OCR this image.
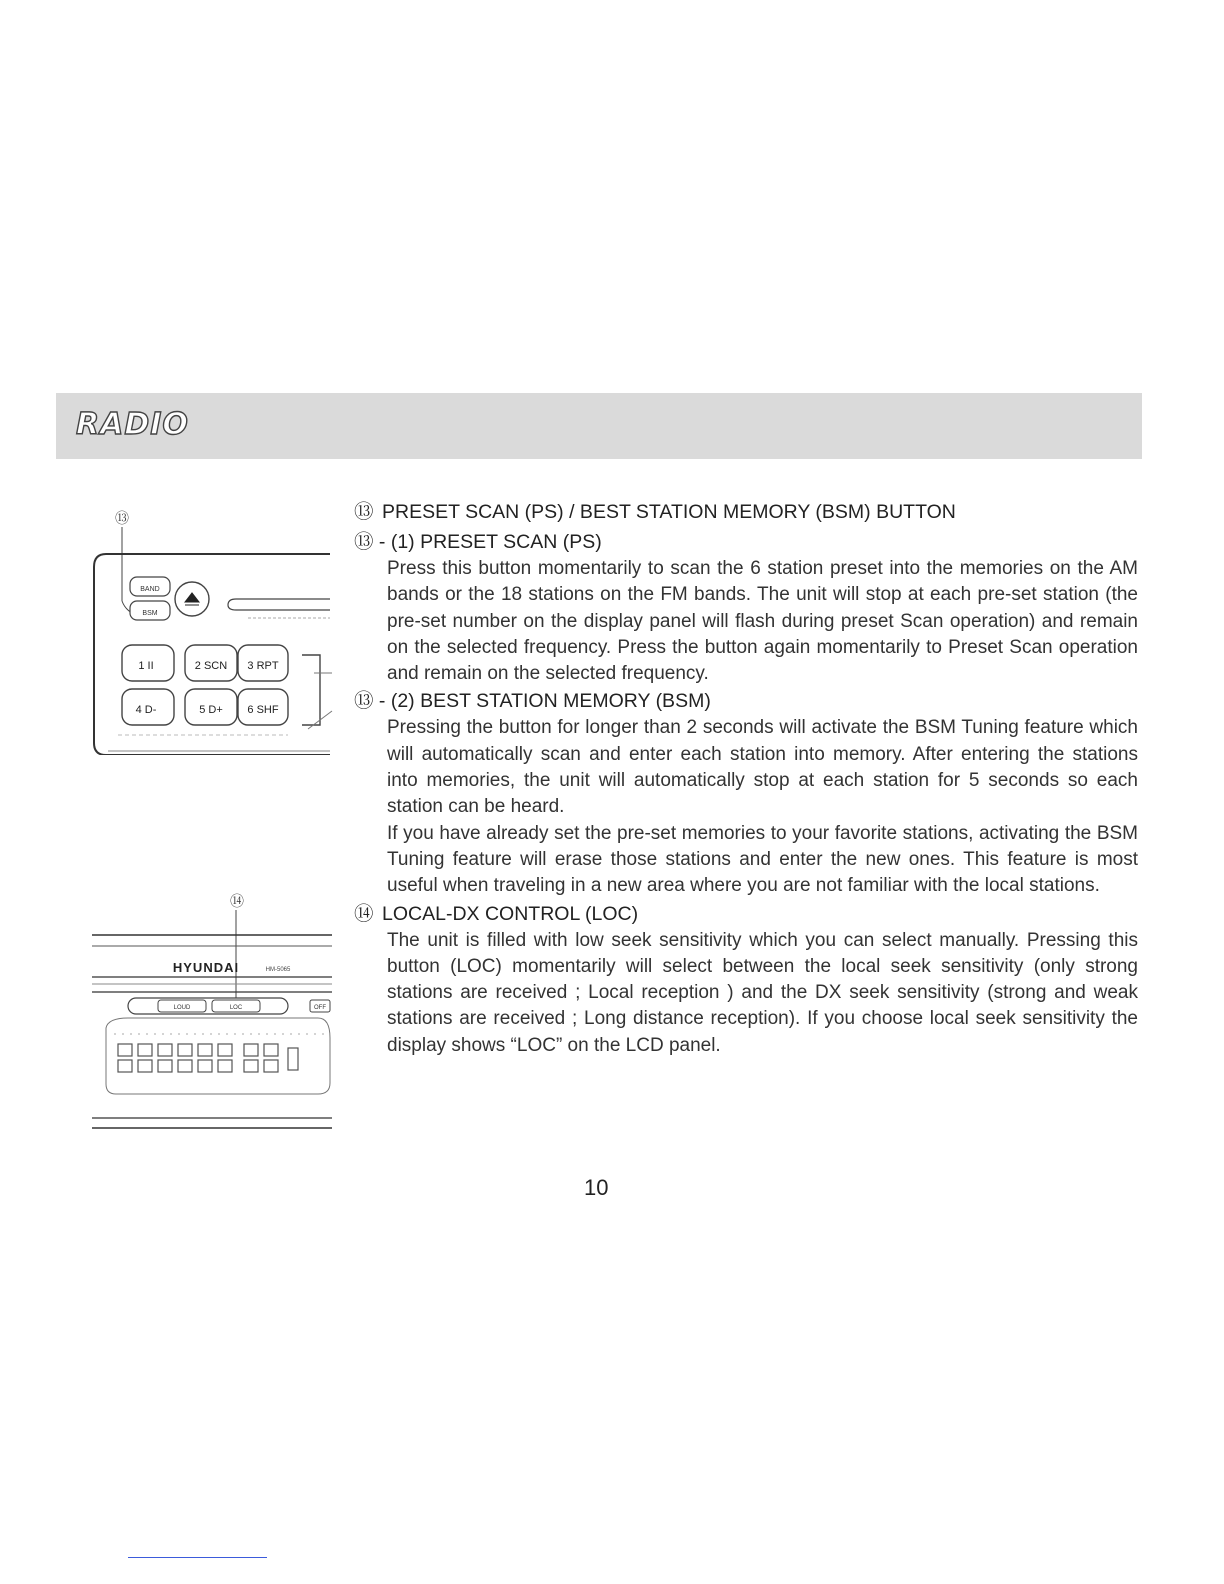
RADIO
⑬
BAND
BSM
1 II	2 SCN 3 RPT
4 D-	5 D+ 6 SHF
⑭
HYUNDAI	HM-5065
LOUD	LOC	OFF
⑬ PRESET SCAN (PS) / BEST STATION MEMORY (BSM) BUTTON
⑬ - (1) PRESET SCAN (PS)
Press this button momentarily to scan the 6 station preset into the memories on the AM bands or the 18 stations on the FM bands. The unit will stop at each pre-set station (the pre-set number on the display panel will flash during preset Scan operation) and remain on the selected frequency. Press the button again momentarily to Preset Scan operation and remain on the selected frequency.
⑬ - (2) BEST STATION MEMORY (BSM)
Pressing the button for longer than 2 seconds will activate the BSM Tuning feature which will automatically scan and enter each station into memory. After entering the stations into memories, the unit will automatically stop at each station for 5 seconds so each station can be heard.
If you have already set the pre-set memories to your favorite stations, activating the BSM Tuning feature will erase those stations and enter the new ones. This feature is most useful when traveling in a new area where you are not familiar with the local stations.
⑭ LOCAL-DX CONTROL (LOC)
The unit is filled with low seek sensitivity which you can select manually. Pressing this button (LOC) momentarily will select between the local seek sensitivity (only strong stations are received ; Local reception ) and the DX seek sensitivity (strong and weak stations are received ; Long distance reception). If you choose local seek sensitivity the display shows “LOC” on the LCD panel.
10
